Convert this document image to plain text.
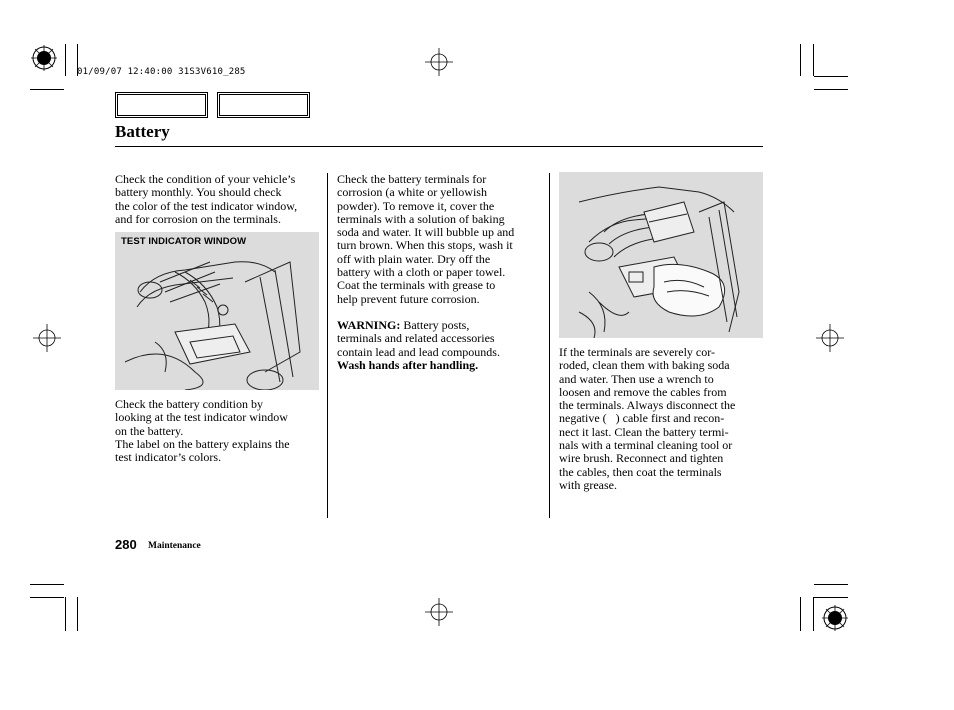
01/09/07 12:40:00 31S3V610_285
Battery
Check the condition of your vehicle’s
battery monthly. You should check
the color of the test indicator window,
and for corrosion on the terminals.
TEST INDICATOR WINDOW
Check the battery condition by
looking at the test indicator window
on the battery.
The label on the battery explains the
test indicator’s colors.
Check the battery terminals for
corrosion (a white or yellowish
powder). To remove it, cover the
terminals with a solution of baking
soda and water. It will bubble up and
turn brown. When this stops, wash it
off with plain water. Dry off the
battery with a cloth or paper towel.
Coat the terminals with grease to
help prevent future corrosion.
WARNING: Battery posts,
terminals and related accessories
contain lead and lead compounds.
Wash hands after handling.
If the terminals are severely cor-
roded, clean them with baking soda
and water. Then use a wrench to
loosen and remove the cables from
the terminals. Always disconnect the
negative (   ) cable first and recon-
nect it last. Clean the battery termi-
nals with a terminal cleaning tool or
wire brush. Reconnect and tighten
the cables, then coat the terminals
with grease.
280 Maintenance
